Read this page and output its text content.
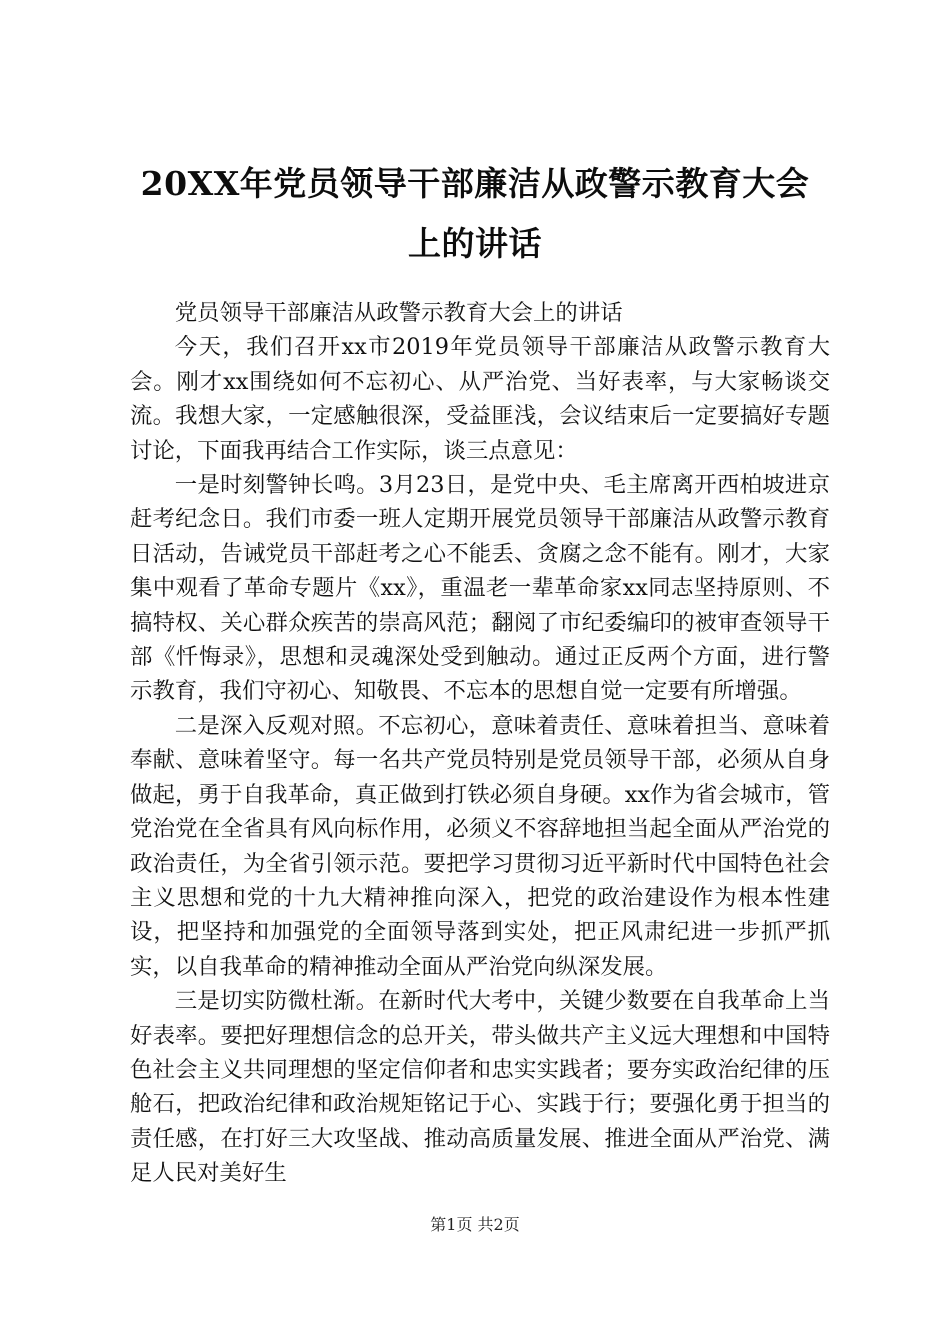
20XX年党员领导干部廉洁从政警示教育大会
上的讲话

党员领导干部廉洁从政警示教育大会上的讲话

今天，我们召开xx市2019年党员领导干部廉洁从政警示教育大会。刚才xx围绕如何不忘初心、从严治党、当好表率，与大家畅谈交流。我想大家，一定感触很深，受益匪浅，会议结束后一定要搞好专题讨论，下面我再结合工作实际，谈三点意见：

一是时刻警钟长鸣。3月23日，是党中央、毛主席离开西柏坡进京赶考纪念日。我们市委一班人定期开展党员领导干部廉洁从政警示教育日活动，告诫党员干部赶考之心不能丢、贪腐之念不能有。刚才，大家集中观看了革命专题片《xx》，重温老一辈革命家xx同志坚持原则、不搞特权、关心群众疾苦的崇高风范；翻阅了市纪委编印的被审查领导干部《忏悔录》，思想和灵魂深处受到触动。通过正反两个方面，进行警示教育，我们守初心、知敬畏、不忘本的思想自觉一定要有所增强。

二是深入反观对照。不忘初心，意味着责任、意味着担当、意味着奉献、意味着坚守。每一名共产党员特别是党员领导干部，必须从自身做起，勇于自我革命，真正做到打铁必须自身硬。xx作为省会城市，管党治党在全省具有风向标作用，必须义不容辞地担当起全面从严治党的政治责任，为全省引领示范。要把学习贯彻习近平新时代中国特色社会主义思想和党的十九大精神推向深入，把党的政治建设作为根本性建设，把坚持和加强党的全面领导落到实处，把正风肃纪进一步抓严抓实，以自我革命的精神推动全面从严治党向纵深发展。

三是切实防微杜渐。在新时代大考中，关键少数要在自我革命上当好表率。要把好理想信念的总开关，带头做共产主义远大理想和中国特色社会主义共同理想的坚定信仰者和忠实实践者；要夯实政治纪律的压舱石，把政治纪律和政治规矩铭记于心、实践于行；要强化勇于担当的责任感，在打好三大攻坚战、推动高质量发展、推进全面从严治党、满足人民对美好生

第1页 共2页
